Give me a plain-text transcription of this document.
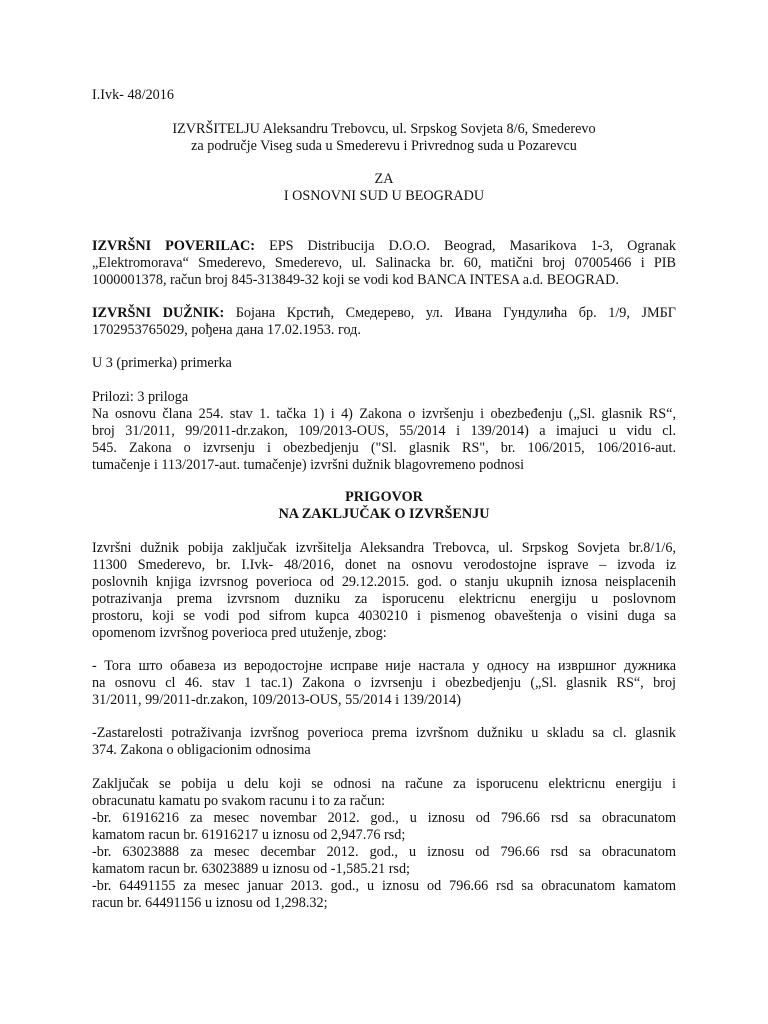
I.Ivk- 48/2016
IZVRŠITELJU Aleksandru Trebovcu, ul. Srpskog Sovjeta 8/6, Smederevo
za područje Viseg suda u Smederevu i Privrednog suda u Pozarevcu
ZA
I OSNOVNI SUD U BEOGRADU
IZVRŠNI POVERILAC: EPS Distribucija D.O.O. Beograd, Masarikova 1-3, Ogranak
„Elektromorava“ Smederevo, Smederevo, ul. Salinacka br. 60, matični broj 07005466 i PIB
1000001378, račun broj 845-313849-32 koji se vodi kod BANCA INTESA a.d. BEOGRAD.
IZVRŠNI DUŽNIK: Бојана Крстић, Смедерево, ул. Ивана Гундулића бр. 1/9, ЈМБГ
1702953765029, рођена дана 17.02.1953. год.
U 3 (primerka) primerka
Prilozi: 3 priloga
Na osnovu člana 254. stav 1. tačka 1) i 4) Zakona o izvršenju i obezbeđenju („Sl. glasnik RS“,
broj 31/2011, 99/2011-dr.zakon, 109/2013-OUS, 55/2014 i 139/2014) a imajuci u vidu cl.
545. Zakona o izvrsenju i obezbedjenju ("Sl. glasnik RS", br. 106/2015, 106/2016-aut.
tumačenje i 113/2017-aut. tumačenje) izvršni dužnik blagovremeno podnosi
PRIGOVOR
NA ZAKLJUČAK O IZVRŠENJU
Izvršni dužnik pobija zaključak izvršitelja Aleksandra Trebovca, ul. Srpskog Sovjeta br.8/1/6,
11300 Smederevo, br. I.Ivk- 48/2016, donet na osnovu verodostojne isprave – izvoda iz
poslovnih knjiga izvrsnog poverioca od 29.12.2015. god. o stanju ukupnih iznosa neisplacenih
potrazivanja prema izvrsnom duzniku za isporucenu elektricnu energiju u poslovnom
prostoru, koji se vodi pod sifrom kupca 4030210 i pismenog obaveštenja o visini duga sa
opomenom izvršnog poverioca pred utuženje, zbog:
- Тога што обавеза из веродостојне исправе није настала у односу на извршног дужника
na osnovu cl 46. stav 1 tac.1) Zakona o izvrsenju i obezbedjenju („Sl. glasnik RS“, broj
31/2011, 99/2011-dr.zakon, 109/2013-OUS, 55/2014 i 139/2014)
-Zastarelosti potraživanja izvršnog poverioca prema izvršnom dužniku u skladu sa cl. glasnik
374. Zakona o obligacionim odnosima
Zaključak se pobija u delu koji se odnosi na račune za isporucenu elektricnu energiju i
obracunatu kamatu po svakom racunu i to za račun:
-br. 61916216 za mesec novembar 2012. god., u iznosu od 796.66 rsd sa obracunatom
kamatom racun br. 61916217 u iznosu od 2,947.76 rsd;
-br. 63023888 za mesec decembar 2012. god., u iznosu od 796.66 rsd sa obracunatom
kamatom racun br. 63023889 u iznosu od -1,585.21 rsd;
-br. 64491155 za mesec januar 2013. god., u iznosu od 796.66 rsd sa obracunatom kamatom
racun br. 64491156 u iznosu od 1,298.32;
